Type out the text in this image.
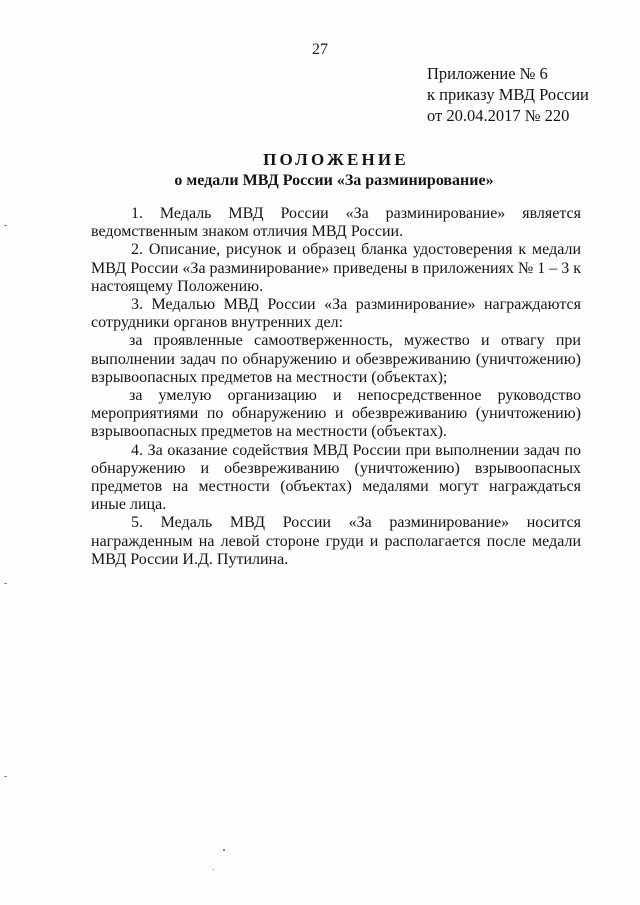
27
Приложение № 6
к приказу МВД России
от 20.04.2017 № 220
ПОЛОЖЕНИЕ
о медали МВД России «За разминирование»

1. Медаль МВД России «За разминирование» является ведомственным знаком отличия МВД России.

2. Описание, рисунок и образец бланка удостоверения к медали МВД России «За разминирование» приведены в приложениях № 1 – 3 к настоящему Положению.

3. Медалью МВД России «За разминирование» награждаются сотрудники органов внутренних дел:

за проявленные самоотверженность, мужество и отвагу при выполнении задач по обнаружению и обезвреживанию (уничтожению) взрывоопасных предметов на местности (объектах);

за умелую организацию и непосредственное руководство мероприятиями по обнаружению и обезвреживанию (уничтожению) взрывоопасных предметов на местности (объектах).

4. За оказание содействия МВД России при выполнении задач по обнаружению и обезвреживанию (уничтожению) взрывоопасных предметов на местности (объектах) медалями могут награждаться иные лица.

5. Медаль МВД России «За разминирование» носится награжденным на левой стороне груди и располагается после медали МВД России И.Д. Путилина.
